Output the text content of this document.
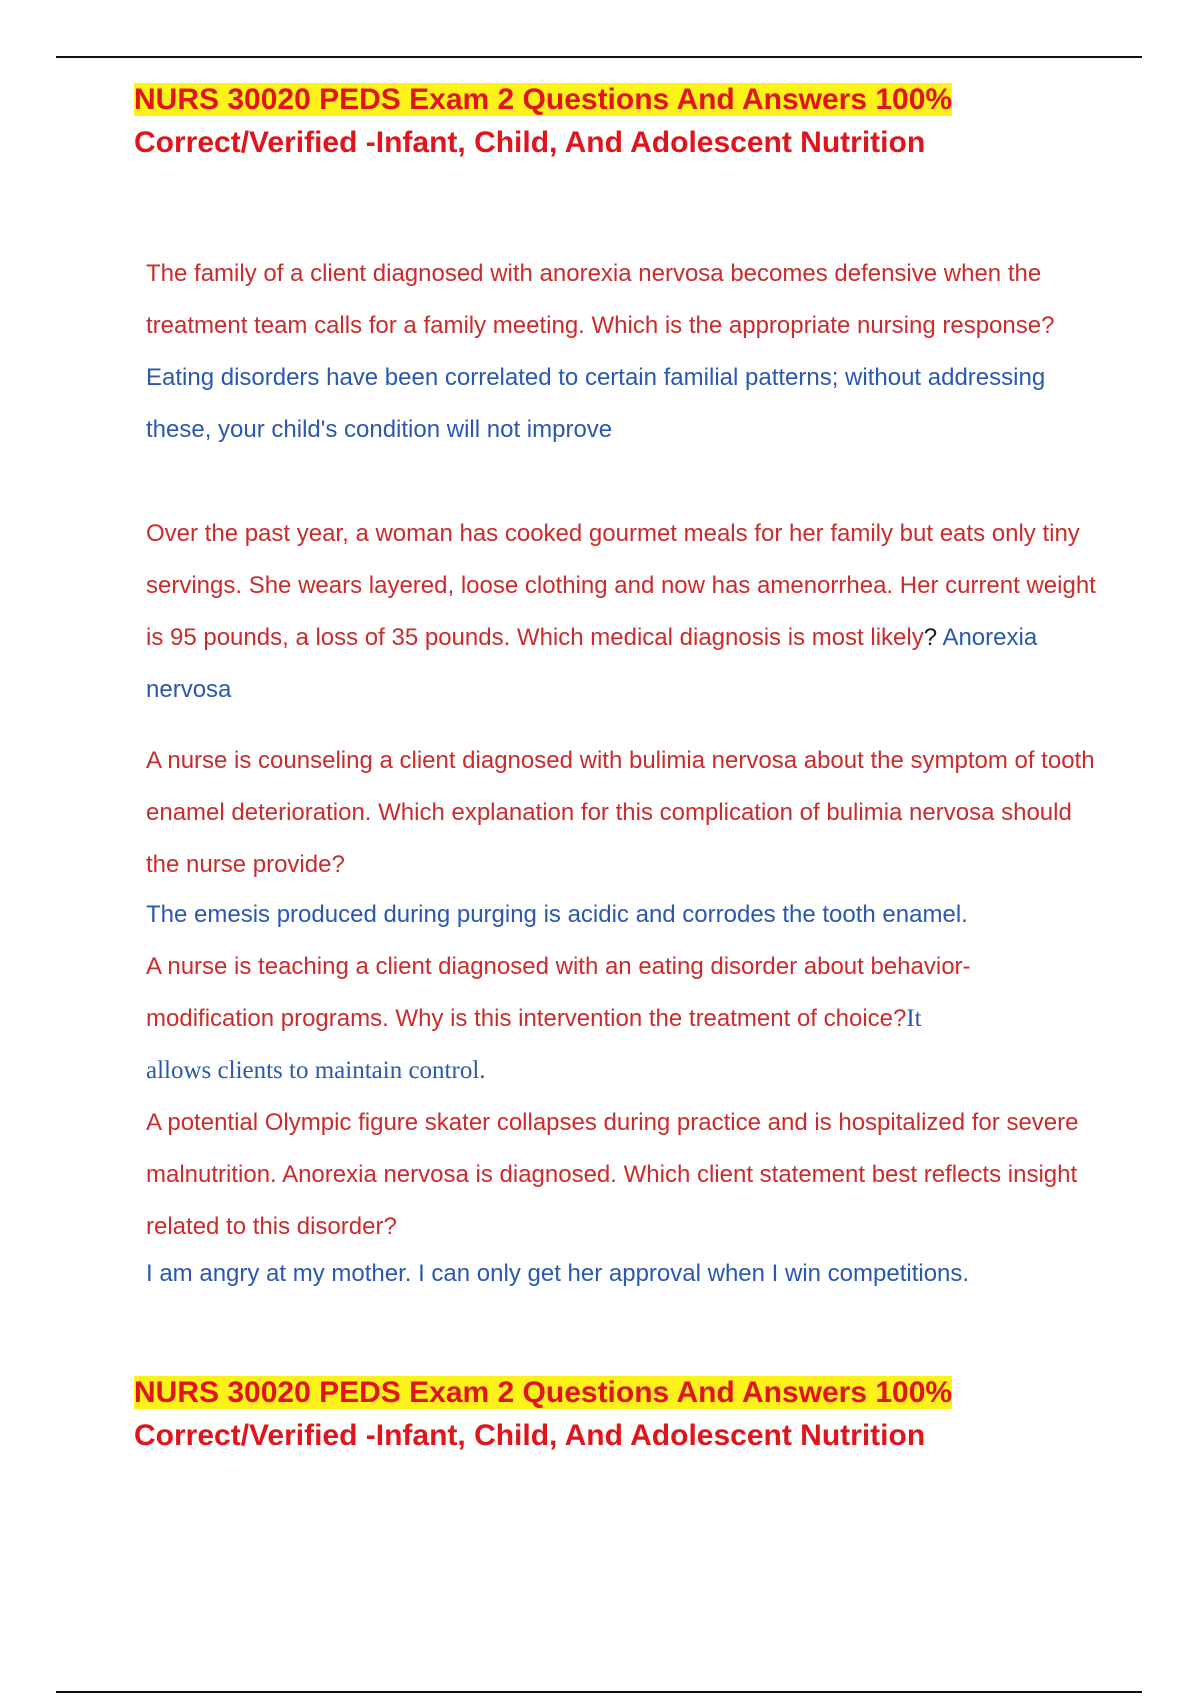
NURS 30020 PEDS Exam 2 Questions And Answers 100%
Correct/Verified -Infant, Child, And Adolescent Nutrition

The family of a client diagnosed with anorexia nervosa becomes defensive when the treatment team calls for a family meeting. Which is the appropriate nursing response? Eating disorders have been correlated to certain familial patterns; without addressing these, your child's condition will not improve

Over the past year, a woman has cooked gourmet meals for her family but eats only tiny servings. She wears layered, loose clothing and now has amenorrhea. Her current weight is 95 pounds, a loss of 35 pounds. Which medical diagnosis is most likely? Anorexia nervosa

A nurse is counseling a client diagnosed with bulimia nervosa about the symptom of tooth enamel deterioration. Which explanation for this complication of bulimia nervosa should the nurse provide?

The emesis produced during purging is acidic and corrodes the tooth enamel.

A nurse is teaching a client diagnosed with an eating disorder about behavior-modification programs. Why is this intervention the treatment of choice?It

allows clients to maintain control.

A potential Olympic figure skater collapses during practice and is hospitalized for severe malnutrition. Anorexia nervosa is diagnosed. Which client statement best reflects insight related to this disorder?

I am angry at my mother. I can only get her approval when I win competitions.

NURS 30020 PEDS Exam 2 Questions And Answers 100%
Correct/Verified -Infant, Child, And Adolescent Nutrition
